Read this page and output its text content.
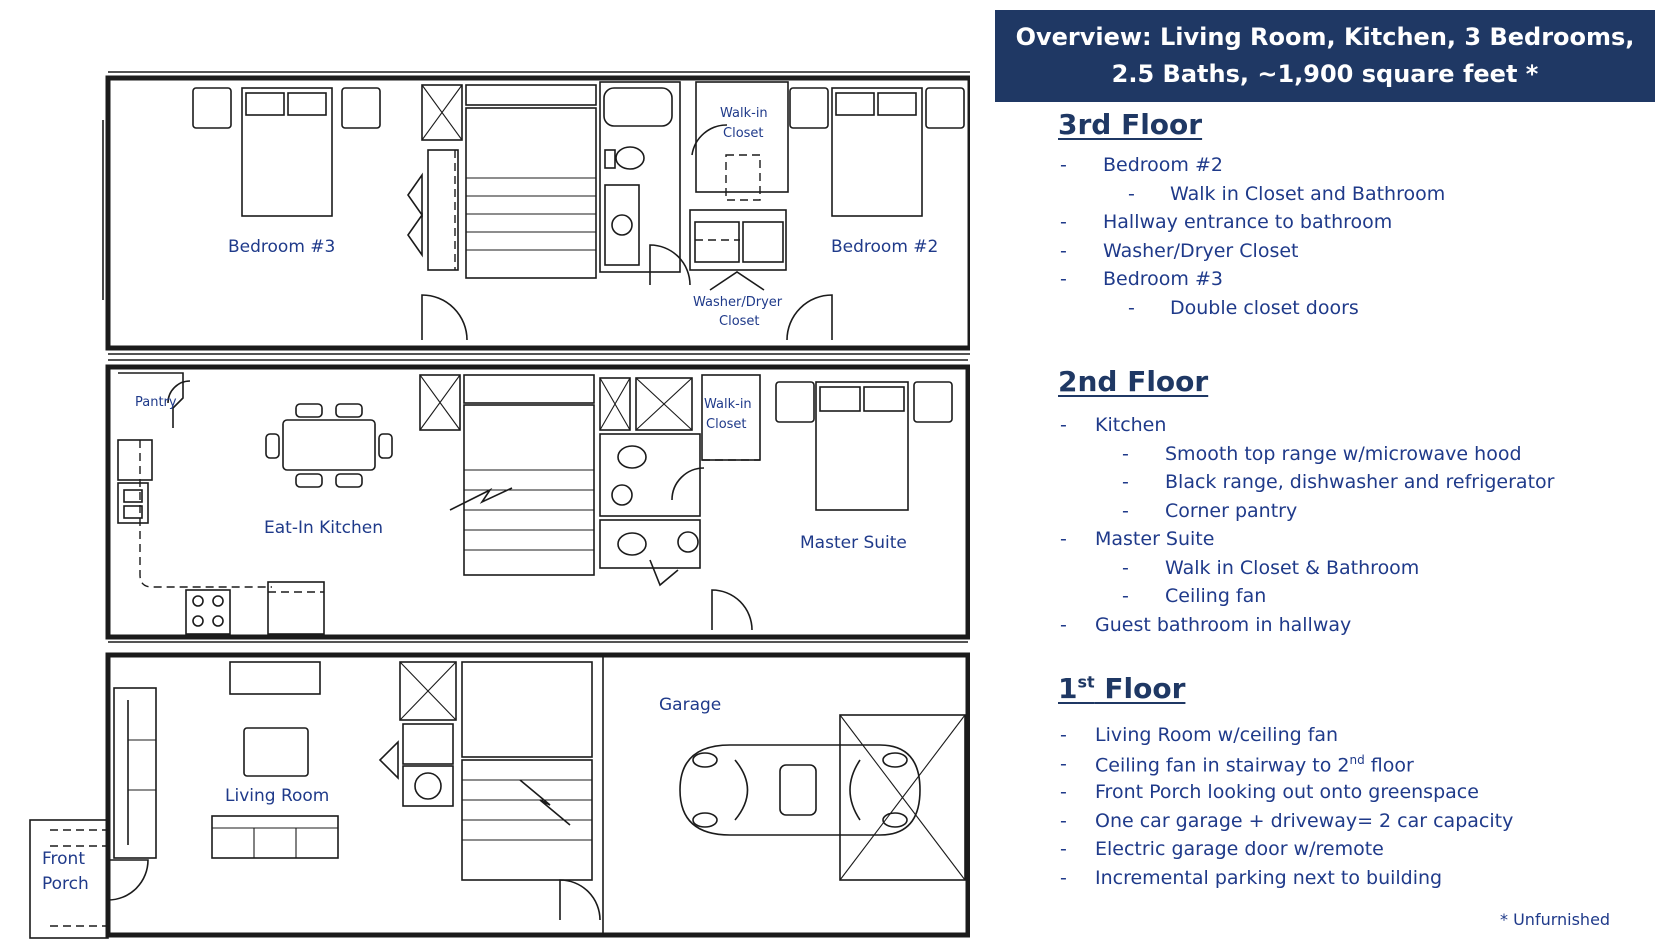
Bedroom #3	Bedroom #2
Walk-in
Closet
Washer/Dryer
Closet
Pantry
Eat-In Kitchen
Master Suite
Walk-in
Closet
Garage
Living Room
Front
Porch
Overview: Living Room, Kitchen, 3 Bedrooms,
2.5 Baths, ~1,900 square feet *
3rd Floor
- Bedroom #2
- Walk in Closet and Bathroom
- Hallway entrance to bathroom
- Washer/Dryer Closet
- Bedroom #3
- Double closet doors
2nd Floor
- Kitchen
- Smooth top range w/microwave hood
- Black range, dishwasher and refrigerator
- Corner pantry
- Master Suite
- Walk in Closet & Bathroom
- Ceiling fan
- Guest bathroom in hallway
1st Floor
- Living Room w/ceiling fan
- Ceiling fan in stairway to 2nd floor
- Front Porch looking out onto greenspace
- One car garage + driveway= 2 car capacity
- Electric garage door w/remote
- Incremental parking next to building
* Unfurnished
